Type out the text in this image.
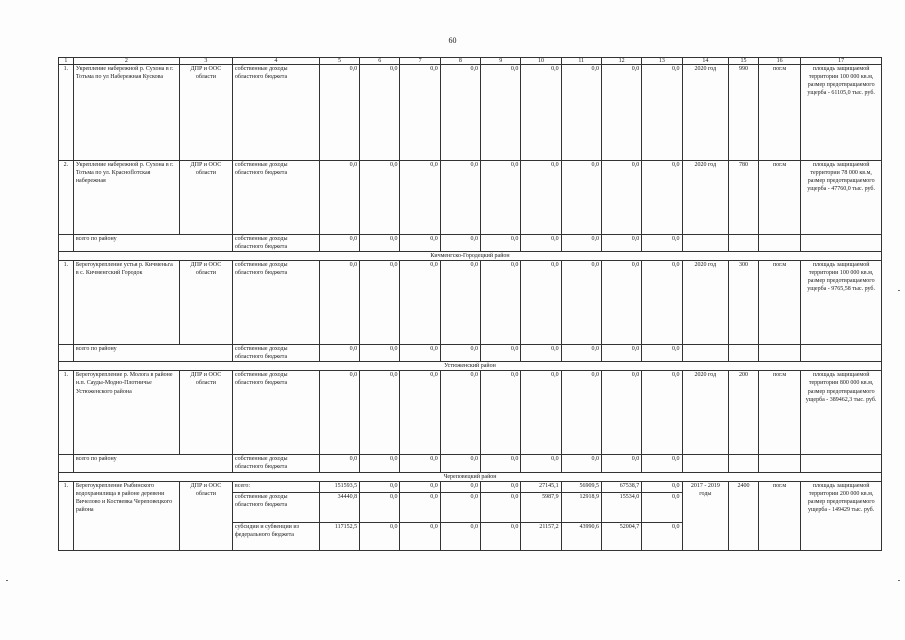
60
1	2	3	4	5	6	7	8	9	10	11	12	13	14	15	16	17
1.	Укрепление набережной р. Сухона в г. Тотьма по ул Набережная Кускова	ДПР и ООС области	собственные доходы областного бюджета	0,0	0,0	0,0	0,0	0,0	0,0	0,0	0,0	0,0	2020 год	990	пог.м	площадь защищаемой территории 100 000 кв.м, размер предотвращаемого ущерба - 61105,0 тыс. руб.
2.	Укрепление набережной р. Сухона в г. Тотьма по ул. Красноflотская набережная	ДПР и ООС области	собственные доходы областного бюджета	0,0	0,0	0,0	0,0	0,0	0,0	0,0	0,0	0,0	2020 год	780	пог.м	площадь защищаемой территории 78 000 кв.м, размер предотвращаемого ущерба - 47760,0 тыс. руб.
	всего по району		собственные доходы областного бюджета	0,0	0,0	0,0	0,0	0,0	0,0	0,0	0,0	0,0				
Кичменгско-Городецкий район																
1.	Берегоукрепление устья р. Кичменьга в с. Кичменгский Городок	ДПР и ООС области	собственные доходы областного бюджета	0,0	0,0	0,0	0,0	0,0	0,0	0,0	0,0	0,0	2020 год	300	пог.м	площадь защищаемой территории 100 000 кв.м, размер предотвращаемого ущерба - 9765,58 тыс. руб.
	всего по району		собственные доходы областного бюджета	0,0	0,0	0,0	0,0	0,0	0,0	0,0	0,0	0,0				
Устюженский район																
1.	Берегоукрепление р. Молога в районе н.п. Сауды-Модно-Плотничье Устюженского района	ДПР и ООС области	собственные доходы областного бюджета	0,0	0,0	0,0	0,0	0,0	0,0	0,0	0,0	0,0	2020 год	200	пог.м	площадь защищаемой территории 800 000 кв.м, размер предотвращаемого ущерба - 389462,3 тыс. руб.
	всего по району		собственные доходы областного бюджета	0,0	0,0	0,0	0,0	0,0	0,0	0,0	0,0	0,0				
Череповецкий район																
1.	Берегоукрепление Рыбинского водохранилища в районе деревени Вичелово и Костяевка Череповецкого района	ДПР и ООС области	всего:	151593,5	0,0	0,0	0,0	0,0	27145,1	56909,5	67538,7	0,0	2017 - 2019 годы	2400	пог.м	площадь защищаемой территории 200 000 кв.м, размер предотвращаемого ущерба - 149429 тыс. руб.
			собственные доходы областного бюджета	34440,8	0,0	0,0	0,0	0,0	5987,9	12918,9	15534,0	0,0				
			субсидии и субвенции из федерального бюджета	117152,5	0,0	0,0	0,0	0,0	21157,2	43990,6	52004,7	0,0				
